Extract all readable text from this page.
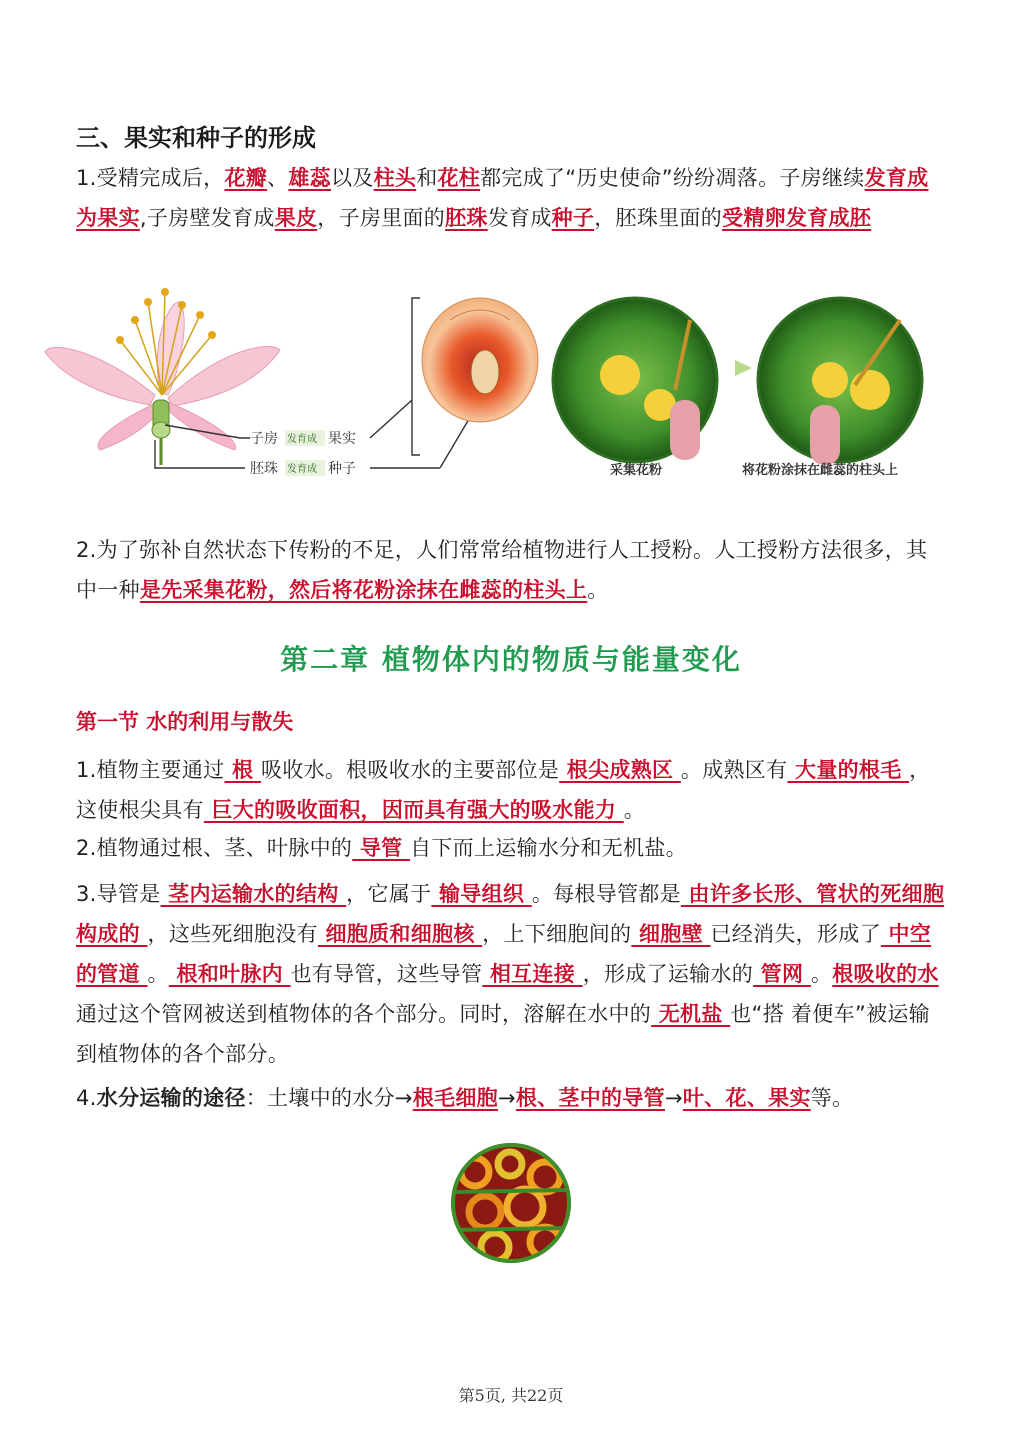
三、果实和种子的形成
1.受精完成后，花瓣、雄蕊以及柱头和花柱都完成了“历史使命”纷纷凋落。子房继续发育成为果实,子房壁发育成果皮，子房里面的胚珠发育成种子，胚珠里面的受精卵发育成胚
子房 发育成 果实
胚珠 发育成 种子	采集花粉	将花粉涂抹在雌蕊的柱头上
2.为了弥补自然状态下传粉的不足，人们常常给植物进行人工授粉。人工授粉方法很多，其中一种是先采集花粉，然后将花粉涂抹在雌蕊的柱头上。
第二章 植物体内的物质与能量变化
第一节 水的利用与散失
1.植物主要通过 根 吸收水。根吸收水的主要部位是 根尖成熟区 。成熟区有 大量的根毛 ，这使根尖具有 巨大的吸收面积，因而具有强大的吸水能力 。
2.植物通过根、茎、叶脉中的 导管 自下而上运输水分和无机盐。
3.导管是 茎内运输水的结构 ，它属于 输导组织 。每根导管都是 由许多长形、管状的死细胞构成的 ，这些死细胞没有 细胞质和细胞核 ，上下细胞间的 细胞壁 已经消失，形成了 中空的管道 。 根和叶脉内 也有导管，这些导管 相互连接 ，形成了运输水的 管网 。根吸收的水 通过这个管网被送到植物体的各个部分。同时，溶解在水中的 无机盐 也“搭 着便车”被运输到植物体的各个部分。
4.水分运输的途径：土壤中的水分→根毛细胞→根、茎中的导管→叶、花、果实等。
第5页, 共22页
